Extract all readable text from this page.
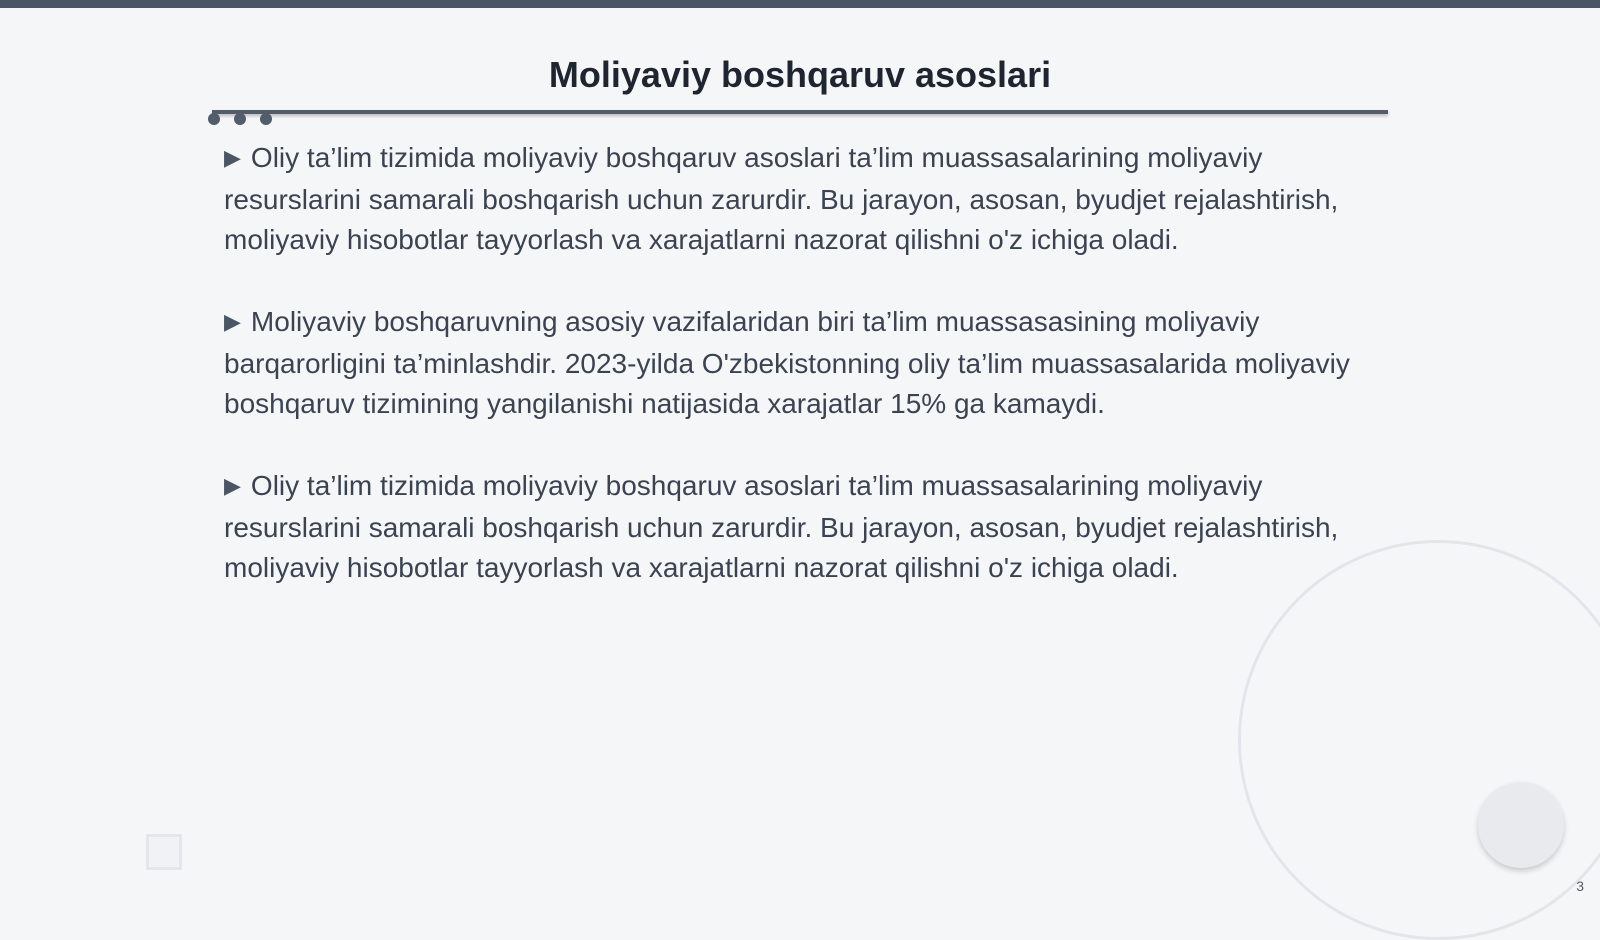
Moliyaviy boshqaruv asoslari

▶ Oliy ta’lim tizimida moliyaviy boshqaruv asoslari ta’lim muassasalarining moliyaviy resurslarini samarali boshqarish uchun zarurdir. Bu jarayon, asosan, byudjet rejalashtirish, moliyaviy hisobotlar tayyorlash va xarajatlarni nazorat qilishni o'z ichiga oladi.

▶ Moliyaviy boshqaruvning asosiy vazifalaridan biri ta’lim muassasasining moliyaviy barqarorligini ta’minlashdir. 2023-yilda O'zbekistonning oliy ta’lim muassasalarida moliyaviy boshqaruv tizimining yangilanishi natijasida xarajatlar 15% ga kamaydi.

▶ Oliy ta’lim tizimida moliyaviy boshqaruv asoslari ta’lim muassasalarining moliyaviy resurslarini samarali boshqarish uchun zarurdir. Bu jarayon, asosan, byudjet rejalashtirish, moliyaviy hisobotlar tayyorlash va xarajatlarni nazorat qilishni o'z ichiga oladi.

3
